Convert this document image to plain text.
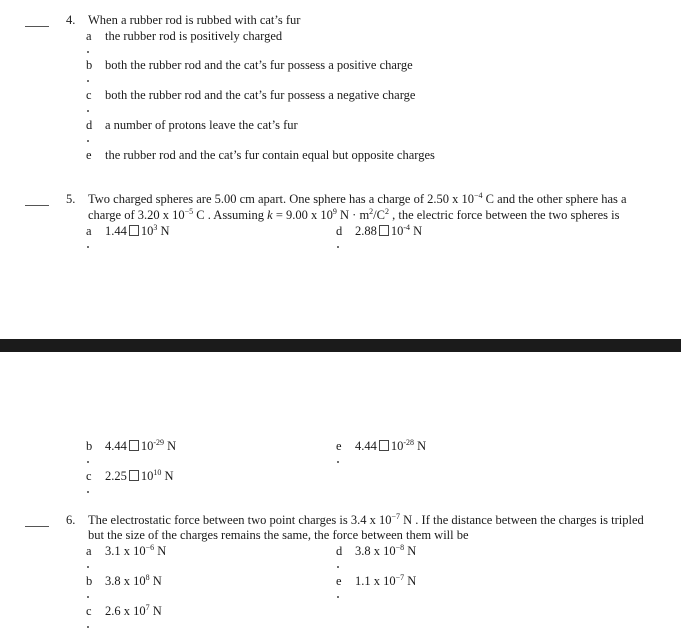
4. When a rubber rod is rubbed with cat’s fur
a the rubber rod is positively charged
b both the rubber rod and the cat’s fur possess a positive charge
c both the rubber rod and the cat’s fur possess a negative charge
d a number of protons leave the cat’s fur
e the rubber rod and the cat’s fur contain equal but opposite charges
5. Two charged spheres are 5.00 cm apart. One sphere has a charge of 2.50 x $10^{-4}$ C and the other sphere has a
charge of 3.20 x $10^{-5}$ C . Assuming k = 9.00 x $10^9$ $N \cdot m^2/C^2$ , the electric force between the two spheres is
a 1.44 $10^3$ N	d 2.88 $10^{-4}$ N
b 4.44 $10^{-29}$ N	e 4.44 $10^{-28}$ N
c 2.25 $10^{10}$ N
6. The electrostatic force between two point charges is 3.4 x $10^{-7}$ N . If the distance between the charges is tripled
but the size of the charges remains the same, the force between them will be
a 3.1 x $10^{-6}$ N	d 3.8 x $10^{-8}$ N
b 3.8 x $10^8$ N	e 1.1 x $10^{-7}$ N
c 2.6 x $10^7$ N
